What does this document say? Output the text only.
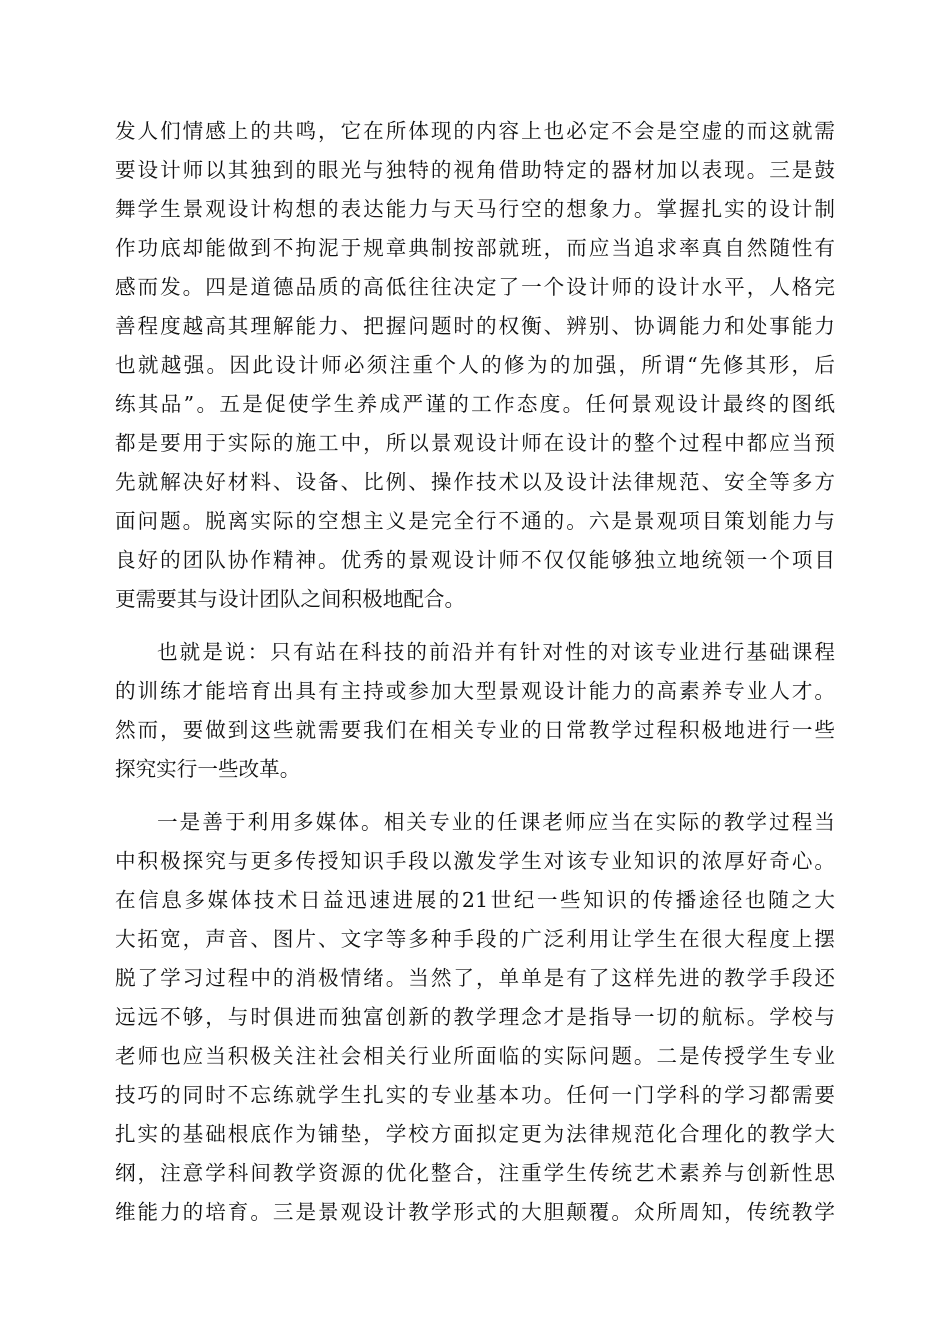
发人们情感上的共鸣，它在所体现的内容上也必定不会是空虚的而这就需
要设计师以其独到的眼光与独特的视角借助特定的器材加以表现。三是鼓
舞学生景观设计构想的表达能力与天马行空的想象力。掌握扎实的设计制
作功底却能做到不拘泥于规章典制按部就班，而应当追求率真自然随性有
感而发。四是道德品质的高低往往决定了一个设计师的设计水平，人格完
善程度越高其理解能力、把握问题时的权衡、辨别、协调能力和处事能力
也就越强。因此设计师必须注重个人的修为的加强，所谓“先修其形，后
练其品”。五是促使学生养成严谨的工作态度。任何景观设计最终的图纸
都是要用于实际的施工中，所以景观设计师在设计的整个过程中都应当预
先就解决好材料、设备、比例、操作技术以及设计法律规范、安全等多方
面问题。脱离实际的空想主义是完全行不通的。六是景观项目策划能力与
良好的团队协作精神。优秀的景观设计师不仅仅能够独立地统领一个项目
更需要其与设计团队之间积极地配合。
也就是说：只有站在科技的前沿并有针对性的对该专业进行基础课程
的训练才能培育出具有主持或参加大型景观设计能力的高素养专业人才。
然而，要做到这些就需要我们在相关专业的日常教学过程积极地进行一些
探究实行一些改革。
一是善于利用多媒体。相关专业的任课老师应当在实际的教学过程当
中积极探究与更多传授知识手段以激发学生对该专业知识的浓厚好奇心。
在信息多媒体技术日益迅速进展的21世纪一些知识的传播途径也随之大
大拓宽，声音、图片、文字等多种手段的广泛利用让学生在很大程度上摆
脱了学习过程中的消极情绪。当然了，单单是有了这样先进的教学手段还
远远不够，与时俱进而独富创新的教学理念才是指导一切的航标。学校与
老师也应当积极关注社会相关行业所面临的实际问题。二是传授学生专业
技巧的同时不忘练就学生扎实的专业基本功。任何一门学科的学习都需要
扎实的基础根底作为铺垫，学校方面拟定更为法律规范化合理化的教学大
纲，注意学科间教学资源的优化整合，注重学生传统艺术素养与创新性思
维能力的培育。三是景观设计教学形式的大胆颠覆。众所周知，传统教学
